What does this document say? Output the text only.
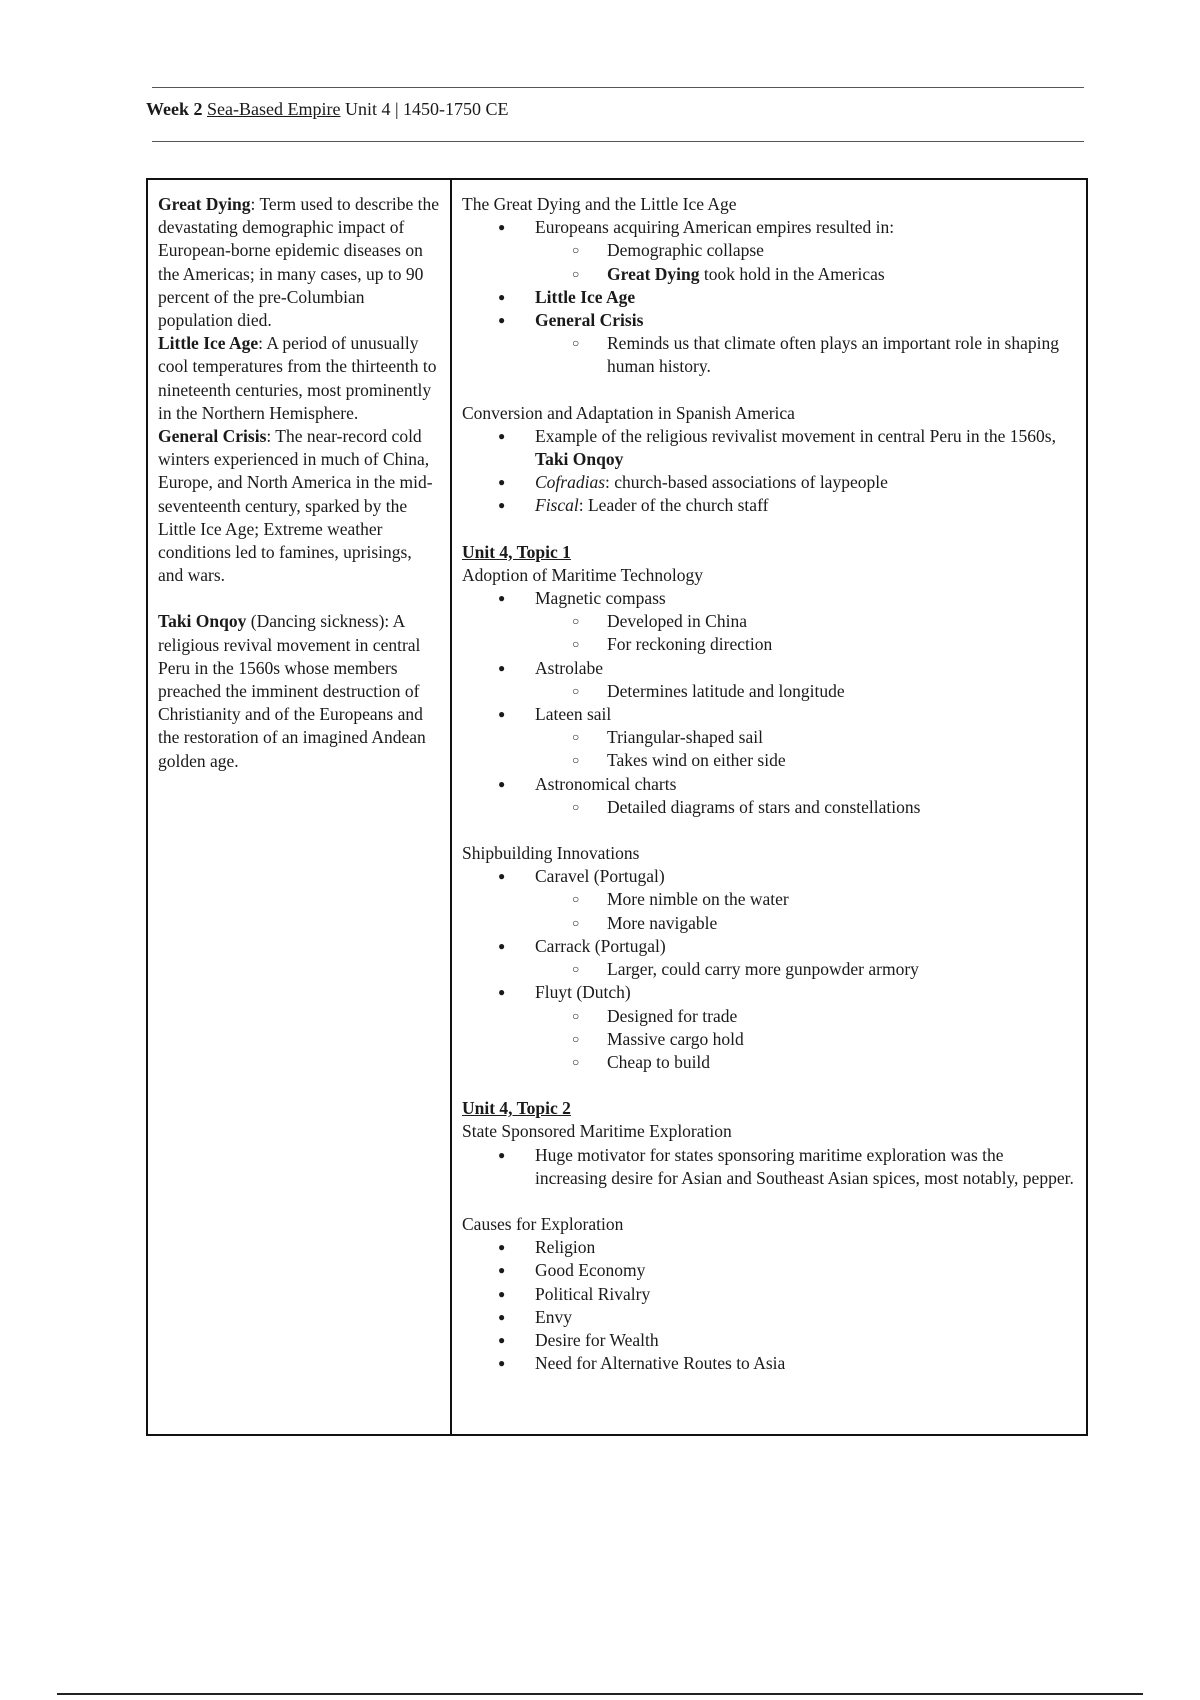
Week 2 Sea-Based Empire Unit 4 | 1450-1750 CE

Great Dying: Term used to describe the devastating demographic impact of European-borne epidemic diseases on the Americas; in many cases, up to 90 percent of the pre-Columbian population died.

Little Ice Age: A period of unusually cool temperatures from the thirteenth to nineteenth centuries, most prominently in the Northern Hemisphere.

General Crisis: The near-record cold winters experienced in much of China, Europe, and North America in the mid-seventeenth century, sparked by the Little Ice Age; Extreme weather conditions led to famines, uprisings, and wars.

Taki Onqoy (Dancing sickness): A religious revival movement in central Peru in the 1560s whose members preached the imminent destruction of Christianity and of the Europeans and the restoration of an imagined Andean golden age.

The Great Dying and the Little Ice Age

● Europeans acquiring American empires resulted in:
○ Demographic collapse
○ Great Dying took hold in the Americas
● Little Ice Age
● General Crisis
○ Reminds us that climate often plays an important role in shaping human history.

Conversion and Adaptation in Spanish America

● Example of the religious revivalist movement in central Peru in the 1560s, Taki Onqoy
● Cofradias: church-based associations of laypeople
● Fiscal: Leader of the church staff

Unit 4, Topic 1

Adoption of Maritime Technology

● Magnetic compass
○ Developed in China
○ For reckoning direction
● Astrolabe
○ Determines latitude and longitude
● Lateen sail
○ Triangular-shaped sail
○ Takes wind on either side
● Astronomical charts
○ Detailed diagrams of stars and constellations

Shipbuilding Innovations

● Caravel (Portugal)
○ More nimble on the water
○ More navigable
● Carrack (Portugal)
○ Larger, could carry more gunpowder armory
● Fluyt (Dutch)
○ Designed for trade
○ Massive cargo hold
○ Cheap to build

Unit 4, Topic 2

State Sponsored Maritime Exploration

● Huge motivator for states sponsoring maritime exploration was the increasing desire for Asian and Southeast Asian spices, most notably, pepper.

Causes for Exploration

● Religion
● Good Economy
● Political Rivalry
● Envy
● Desire for Wealth
● Need for Alternative Routes to Asia
